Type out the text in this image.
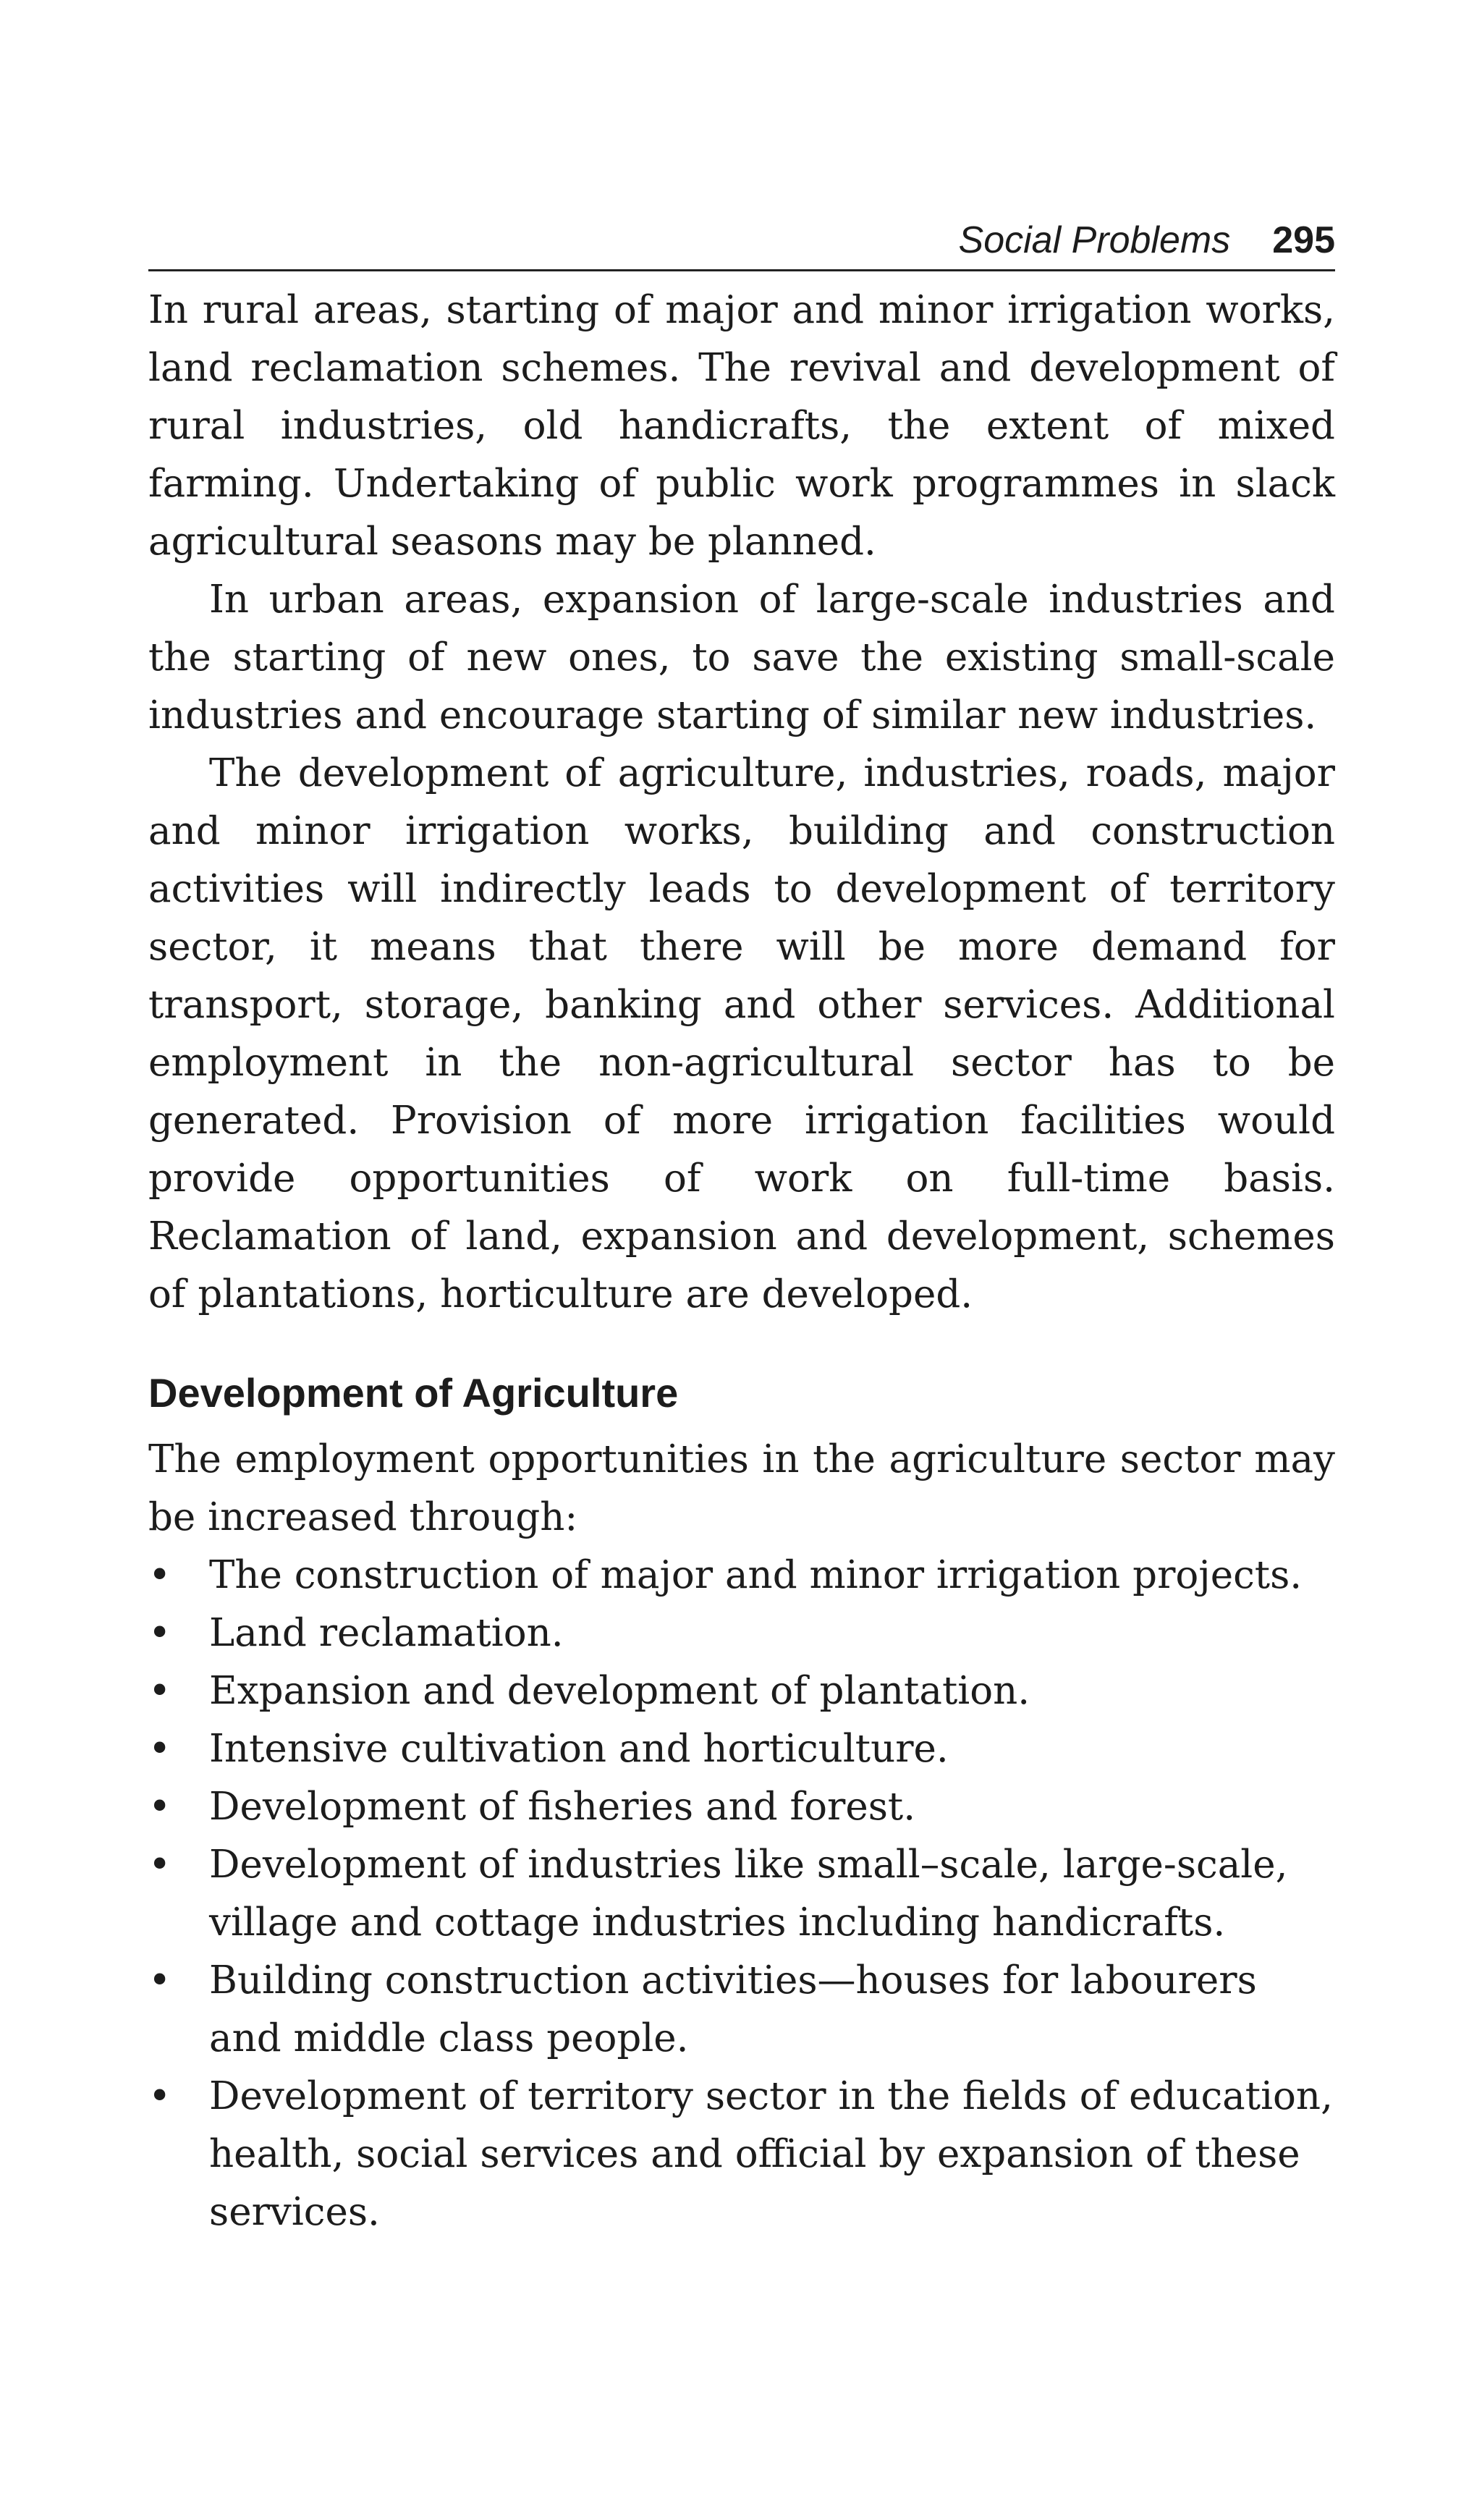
Social Problems 295

In rural areas, starting of major and minor irrigation works, land reclamation schemes. The revival and development of rural industries, old handicrafts, the extent of mixed farming. Undertaking of public work programmes in slack agricultural seasons may be planned.

In urban areas, expansion of large-scale industries and the starting of new ones, to save the existing small-scale industries and encourage starting of similar new industries.

The development of agriculture, industries, roads, major and minor irrigation works, building and construction activities will indirectly leads to development of territory sector, it means that there will be more demand for transport, storage, banking and other services. Additional employment in the non-agricultural sector has to be generated. Provision of more irrigation facilities would provide opportunities of work on full-time basis. Reclamation of land, expansion and development, schemes of plantations, horticulture are developed.

Development of Agriculture

The employment opportunities in the agriculture sector may be increased through:

• The construction of major and minor irrigation projects.
• Land reclamation.
• Expansion and development of plantation.
• Intensive cultivation and horticulture.
• Development of fisheries and forest.
• Development of industries like small–scale, large-scale, village and cottage industries including handicrafts.
• Building construction activities—houses for labourers and middle class people.
• Development of territory sector in the fields of education, health, social services and official by expansion of these services.
